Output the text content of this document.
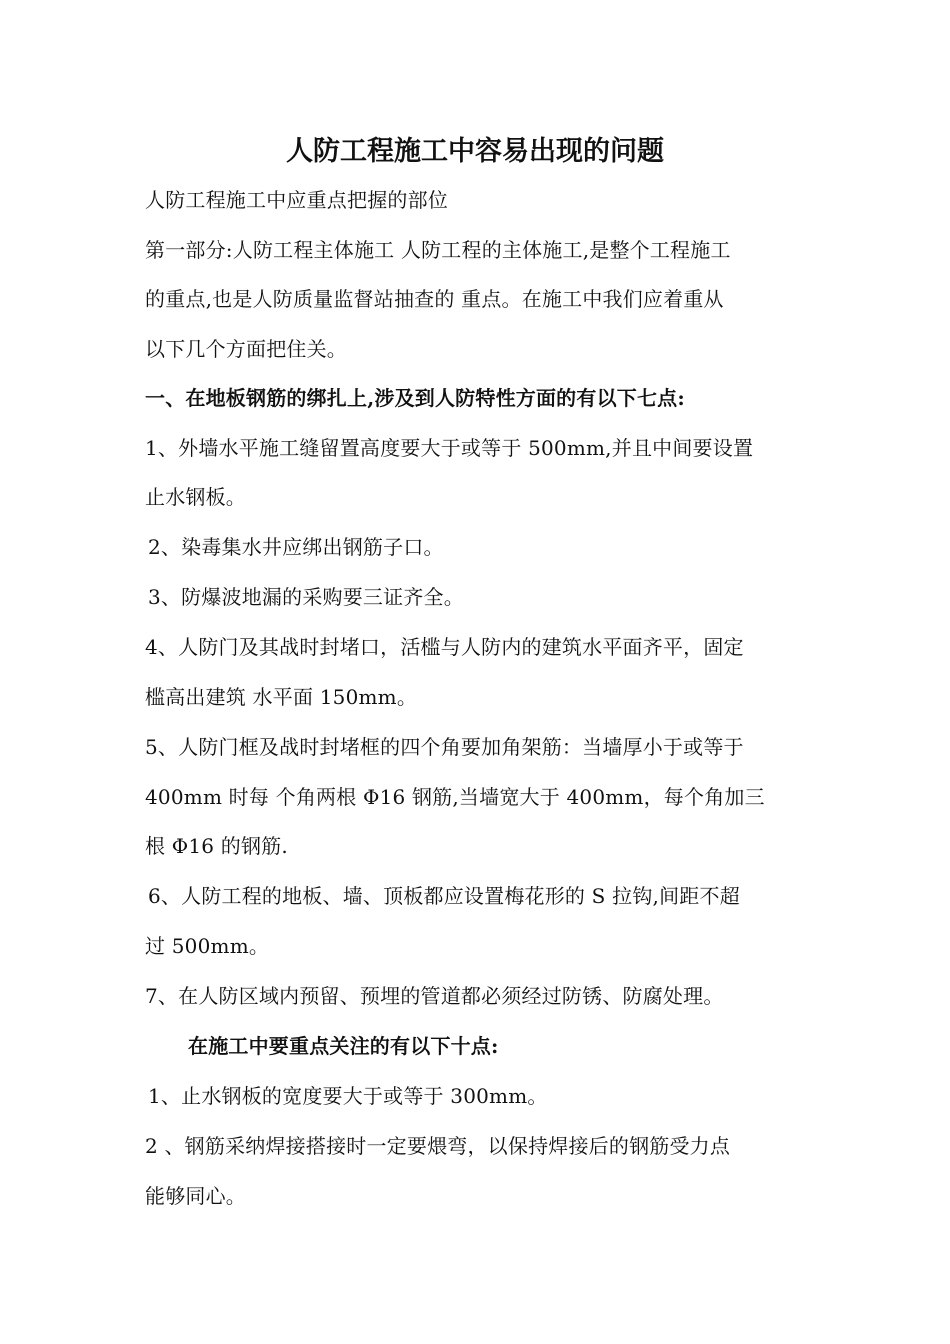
人防工程施工中容易出现的问题
人防工程施工中应重点把握的部位
第一部分:人防工程主体施工 人防工程的主体施工,是整个工程施工
的重点,也是人防质量监督站抽查的 重点。在施工中我们应着重从
以下几个方面把住关。
一、在地板钢筋的绑扎上,涉及到人防特性方面的有以下七点:
1、外墙水平施工缝留置高度要大于或等于 500mm,并且中间要设置
止水钢板。
2、染毒集水井应绑出钢筋子口。
3、防爆波地漏的采购要三证齐全。
4、人防门及其战时封堵口，活槛与人防内的建筑水平面齐平，固定
槛高出建筑 水平面 150mm。
5、人防门框及战时封堵框的四个角要加角架筋：当墙厚小于或等于
400mm 时每 个角两根 Φ16 钢筋,当墙宽大于 400mm，每个角加三
根 Φ16 的钢筋.
6、人防工程的地板、墙、顶板都应设置梅花形的 S 拉钩,间距不超
过 500mm。
7、在人防区域内预留、预埋的管道都必须经过防锈、防腐处理。
在施工中要重点关注的有以下十点:
1、止水钢板的宽度要大于或等于 300mm。
2 、钢筋采纳焊接搭接时一定要煨弯，以保持焊接后的钢筋受力点
能够同心。
